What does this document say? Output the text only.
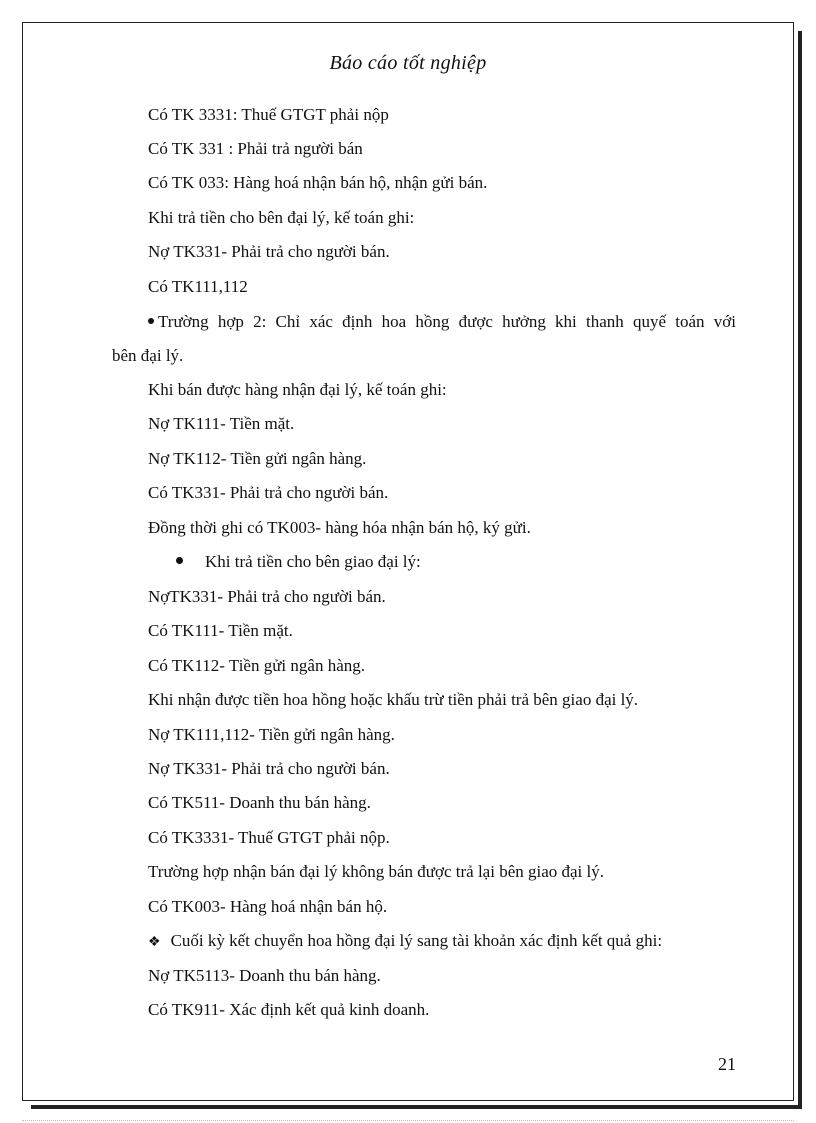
Báo cáo tốt nghiệp
Có TK 3331: Thuế GTGT phải nộp
Có TK 331 : Phải trả người bán
Có TK 033: Hàng hoá nhận bán hộ, nhận gửi bán.
Khi trả tiền cho bên đại lý, kế toán ghi:
Nợ TK331- Phải trả cho người bán.
Có TK111,112
Trường hợp 2: Chỉ xác định hoa hồng được hưởng khi thanh quyế toán với
bên đại lý.
Khi bán được hàng nhận đại lý, kế toán ghi:
Nợ TK111- Tiền mặt.
Nợ TK112- Tiền gửi ngân hàng.
Có TK331- Phải trả cho người bán.
Đồng thời ghi có TK003- hàng hóa nhận bán hộ, ký gửi.
Khi trả tiền cho bên giao đại lý:
NợTK331- Phải trả cho người bán.
Có TK111- Tiền mặt.
Có TK112- Tiền gửi ngân hàng.
Khi nhận được tiền hoa hồng hoặc khấu trừ tiền phải trả bên giao đại lý.
Nợ TK111,112- Tiền gửi ngân hàng.
Nợ TK331- Phải trả cho người bán.
Có TK511- Doanh thu bán hàng.
Có TK3331- Thuế GTGT phải nộp.
Trường hợp nhận bán đại lý không bán được trả lại bên giao đại lý.
Có TK003- Hàng hoá nhận bán hộ.
❖ Cuối kỳ kết chuyển hoa hồng đại lý sang tài khoản xác định kết quả ghi:
Nợ TK5113- Doanh thu bán hàng.
Có TK911- Xác định kết quả kinh doanh.
21
